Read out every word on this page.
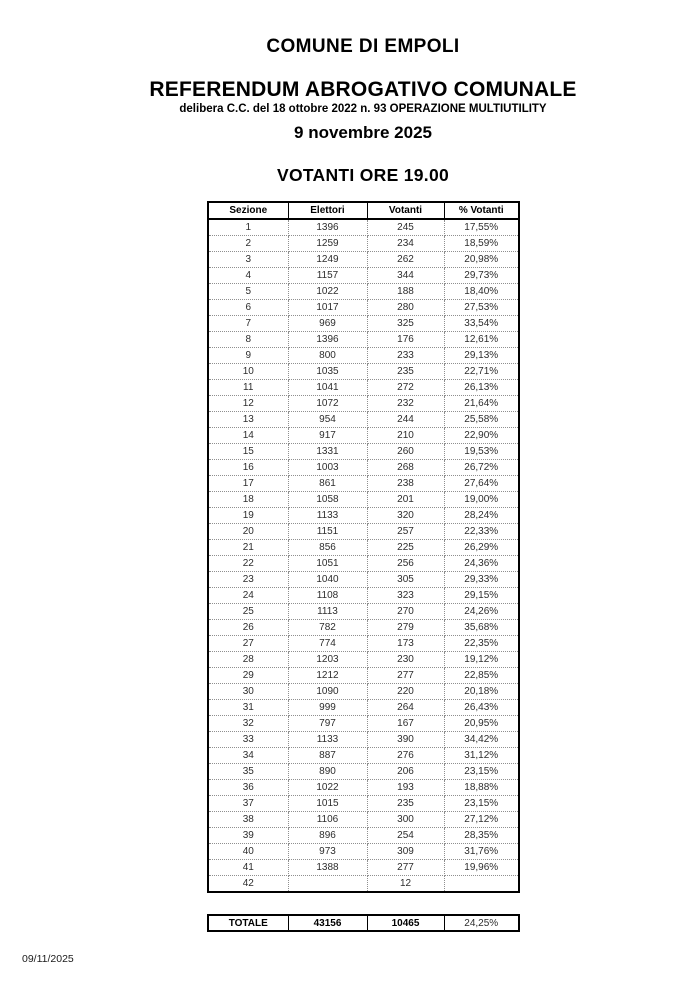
COMUNE DI EMPOLI
REFERENDUM ABROGATIVO COMUNALE
delibera C.C. del 18 ottobre 2022 n. 93 OPERAZIONE MULTIUTILITY
9 novembre 2025
VOTANTI ORE 19.00
Sezione	Elettori	Votanti	% Votanti
1	1396	245	17,55%
2	1259	234	18,59%
3	1249	262	20,98%
4	1157	344	29,73%
5	1022	188	18,40%
6	1017	280	27,53%
7	969	325	33,54%
8	1396	176	12,61%
9	800	233	29,13%
10	1035	235	22,71%
11	1041	272	26,13%
12	1072	232	21,64%
13	954	244	25,58%
14	917	210	22,90%
15	1331	260	19,53%
16	1003	268	26,72%
17	861	238	27,64%
18	1058	201	19,00%
19	1133	320	28,24%
20	1151	257	22,33%
21	856	225	26,29%
22	1051	256	24,36%
23	1040	305	29,33%
24	1108	323	29,15%
25	1113	270	24,26%
26	782	279	35,68%
27	774	173	22,35%
28	1203	230	19,12%
29	1212	277	22,85%
30	1090	220	20,18%
31	999	264	26,43%
32	797	167	20,95%
33	1133	390	34,42%
34	887	276	31,12%
35	890	206	23,15%
36	1022	193	18,88%
37	1015	235	23,15%
38	1106	300	27,12%
39	896	254	28,35%
40	973	309	31,76%
41	1388	277	19,96%
42		12	
TOTALE	43156	10465	24,25%
09/11/2025
